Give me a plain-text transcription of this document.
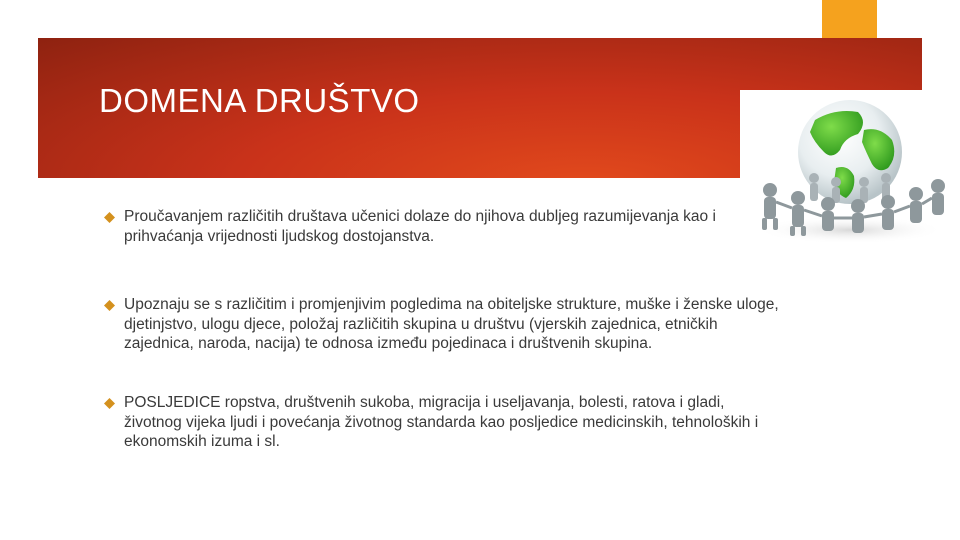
DOMENA DRUŠTVO
Proučavanjem različitih društava učenici dolaze do njihova dubljeg razumijevanja kao i prihvaćanja vrijednosti ljudskog dostojanstva.
Upoznaju se s različitim i promjenjivim pogledima na obiteljske strukture, muške i ženske uloge, djetinjstvo, ulogu djece, položaj različitih skupina u društvu (vjerskih zajednica, etničkih zajednica, naroda, nacija) te odnosa između pojedinaca i društvenih skupina.
POSLJEDICE ropstva, društvenih sukoba, migracija i useljavanja, bolesti, ratova i gladi, životnog vijeka ljudi i povećanja životnog standarda kao posljedice medicinskih, tehnoloških i ekonomskih izuma i sl.
